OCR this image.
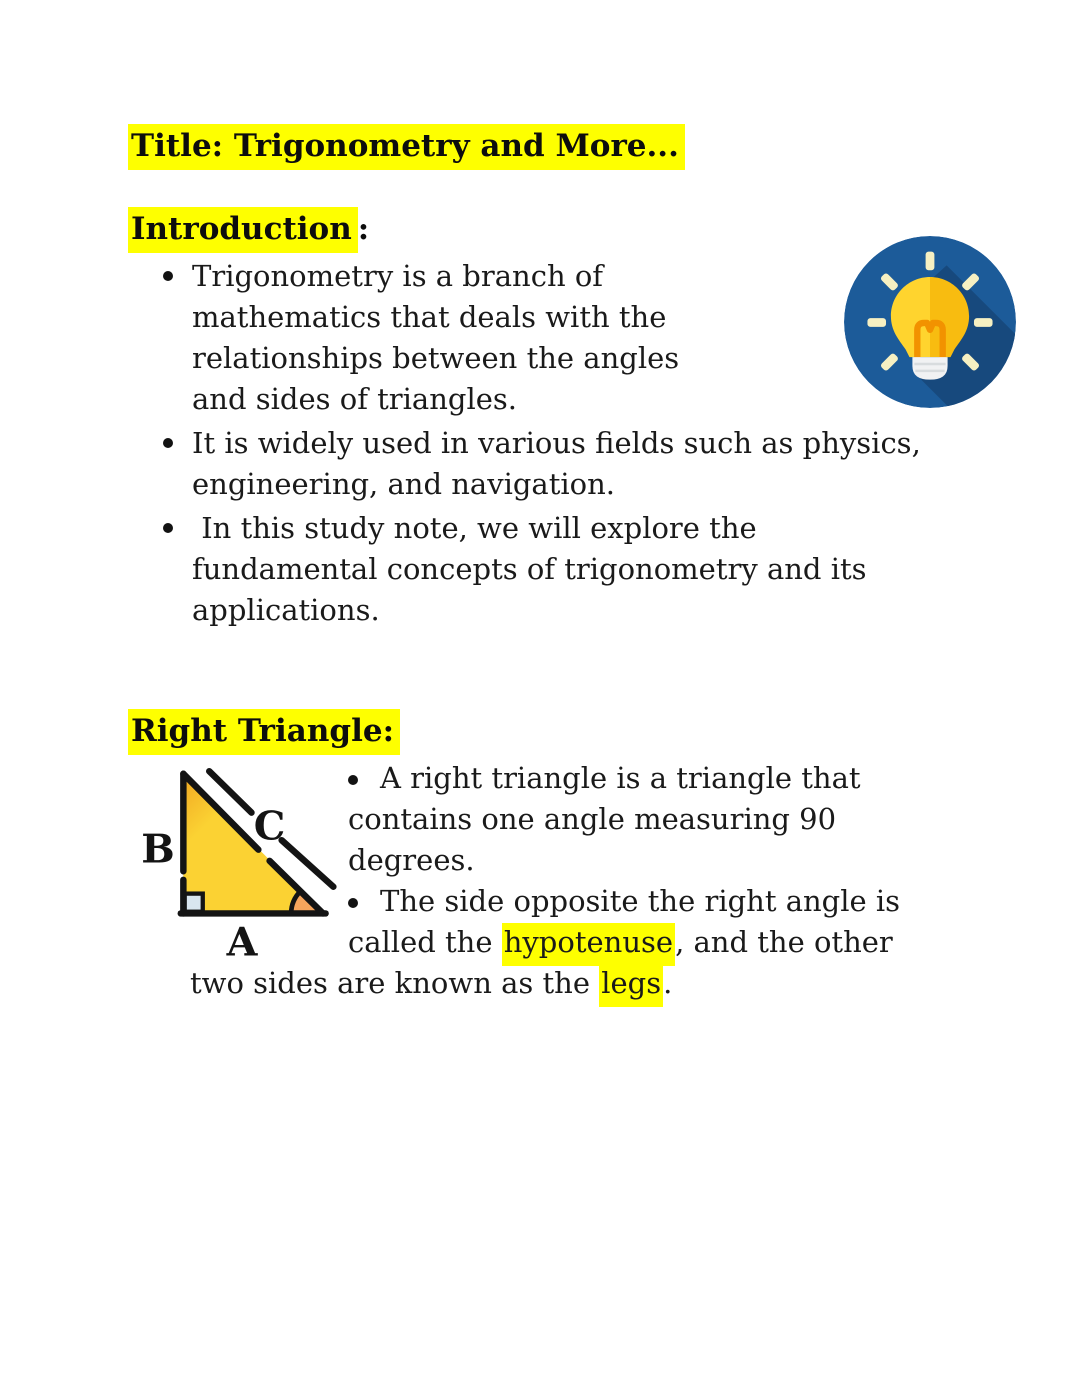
Title: Trigonometry and More...
Introduction :
Trigonometry is a branch of
mathematics that deals with the
relationships between the angles
and sides of triangles.
It is widely used in various fields such as physics,
engineering, and navigation.
In this study note, we will explore the
fundamental concepts of trigonometry and its
applications.
Right Triangle:
B
C
A
A right triangle is a triangle that
contains one angle measuring 90
degrees.
The side opposite the right angle is
called the hypotenuse, and the other
two sides are known as the legs.
